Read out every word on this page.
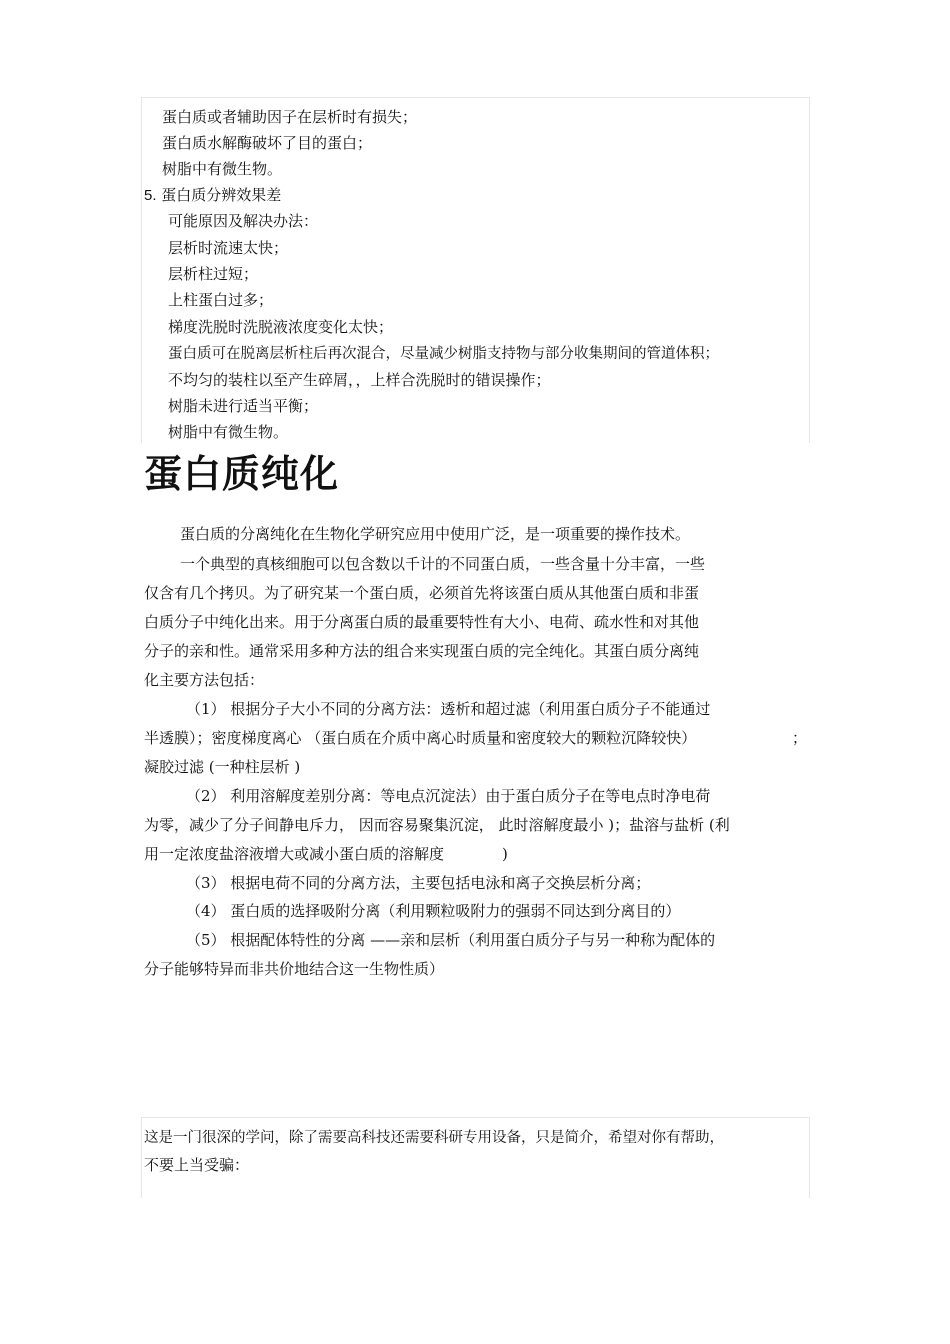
蛋白质或者辅助因子在层析时有损失；
蛋白质水解酶破坏了目的蛋白；
树脂中有微生物。
5. 蛋白质分辨效果差
可能原因及解决办法：
层析时流速太快；
层析柱过短；
上柱蛋白过多；
梯度洗脱时洗脱液浓度变化太快；
蛋白质可在脱离层析柱后再次混合，尽量减少树脂支持物与部分收集期间的管道体积；
不均匀的装柱以至产生碎屑，，上样合洗脱时的错误操作；
树脂未进行适当平衡；
树脂中有微生物。
蛋白质纯化
蛋白质的分离纯化在生物化学研究应用中使用广泛，是一项重要的操作技术。
一个典型的真核细胞可以包含数以千计的不同蛋白质，一些含量十分丰富，一些
仅含有几个拷贝。为了研究某一个蛋白质，必须首先将该蛋白质从其他蛋白质和非蛋
白质分子中纯化出来。用于分离蛋白质的最重要特性有大小、电荷、疏水性和对其他
分子的亲和性。通常采用多种方法的组合来实现蛋白质的完全纯化。其蛋白质分离纯
化主要方法包括：
（1） 根据分子大小不同的分离方法：透析和超过滤（利用蛋白质分子不能通过
半透膜）；密度梯度离心 （蛋白质在介质中离心时质量和密度较大的颗粒沉降较快）	；
凝胶过滤 (一种柱层析 )
（2） 利用溶解度差别分离：等电点沉淀法）由于蛋白质分子在等电点时净电荷
为零，减少了分子间静电斥力， 因而容易聚集沉淀， 此时溶解度最小 )；盐溶与盐析 (利
用一定浓度盐溶液增大或减小蛋白质的溶解度	)
（3） 根据电荷不同的分离方法，主要包括电泳和离子交换层析分离；
（4） 蛋白质的选择吸附分离（利用颗粒吸附力的强弱不同达到分离目的）
（5） 根据配体特性的分离 ——亲和层析（利用蛋白质分子与另一种称为配体的
分子能够特异而非共价地结合这一生物性质）
这是一门很深的学问，除了需要高科技还需要科研专用设备，只是简介，希望对你有帮助，
不要上当受骗：
